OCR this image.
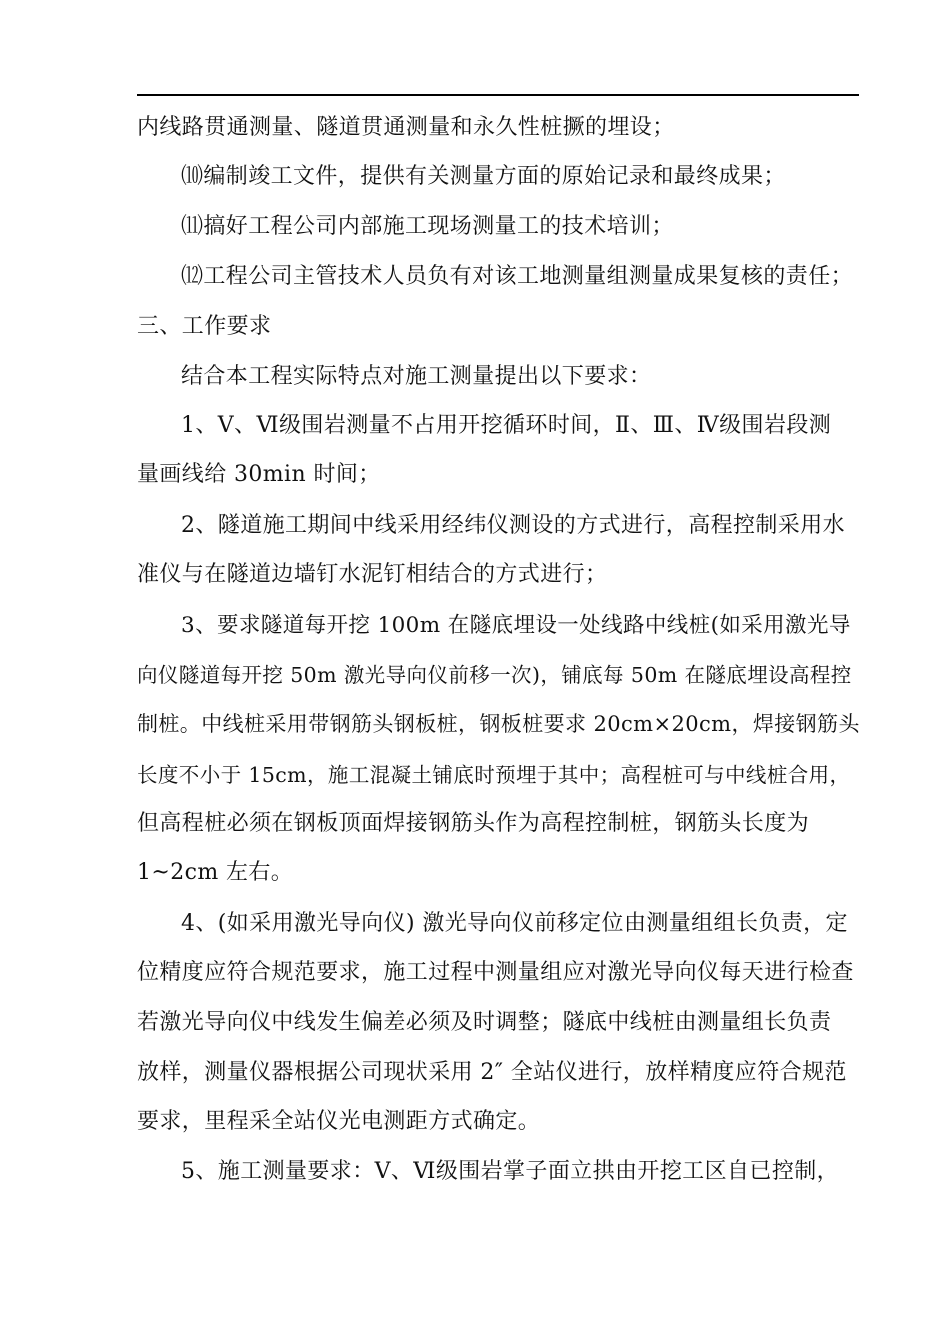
内线路贯通测量、隧道贯通测量和永久性桩撅的埋设；
⑽编制竣工文件，提供有关测量方面的原始记录和最终成果；
⑾搞好工程公司内部施工现场测量工的技术培训；
⑿工程公司主管技术人员负有对该工地测量组测量成果复核的责任；
三、工作要求
结合本工程实际特点对施工测量提出以下要求：
1、Ⅴ、Ⅵ级围岩测量不占用开挖循环时间，Ⅱ、Ⅲ、Ⅳ级围岩段测
量画线给 30min 时间；
2、隧道施工期间中线采用经纬仪测设的方式进行，高程控制采用水
准仪与在隧道边墙钉水泥钉相结合的方式进行；
3、要求隧道每开挖 100m 在隧底埋设一处线路中线桩(如采用激光导
向仪隧道每开挖 50m 激光导向仪前移一次)，铺底每 50m 在隧底埋设高程控
制桩。中线桩采用带钢筋头钢板桩，钢板桩要求 20cm×20cm，焊接钢筋头
长度不小于 15cm，施工混凝土铺底时预埋于其中；高程桩可与中线桩合用，
但高程桩必须在钢板顶面焊接钢筋头作为高程控制桩，钢筋头长度为
1~2cm 左右。
4、(如采用激光导向仪) 激光导向仪前移定位由测量组组长负责，定
位精度应符合规范要求，施工过程中测量组应对激光导向仪每天进行检查
若激光导向仪中线发生偏差必须及时调整；隧底中线桩由测量组长负责
放样，测量仪器根据公司现状采用 2″ 全站仪进行，放样精度应符合规范
要求，里程采全站仪光电测距方式确定。
5、施工测量要求：Ⅴ、Ⅵ级围岩掌子面立拱由开挖工区自已控制，
